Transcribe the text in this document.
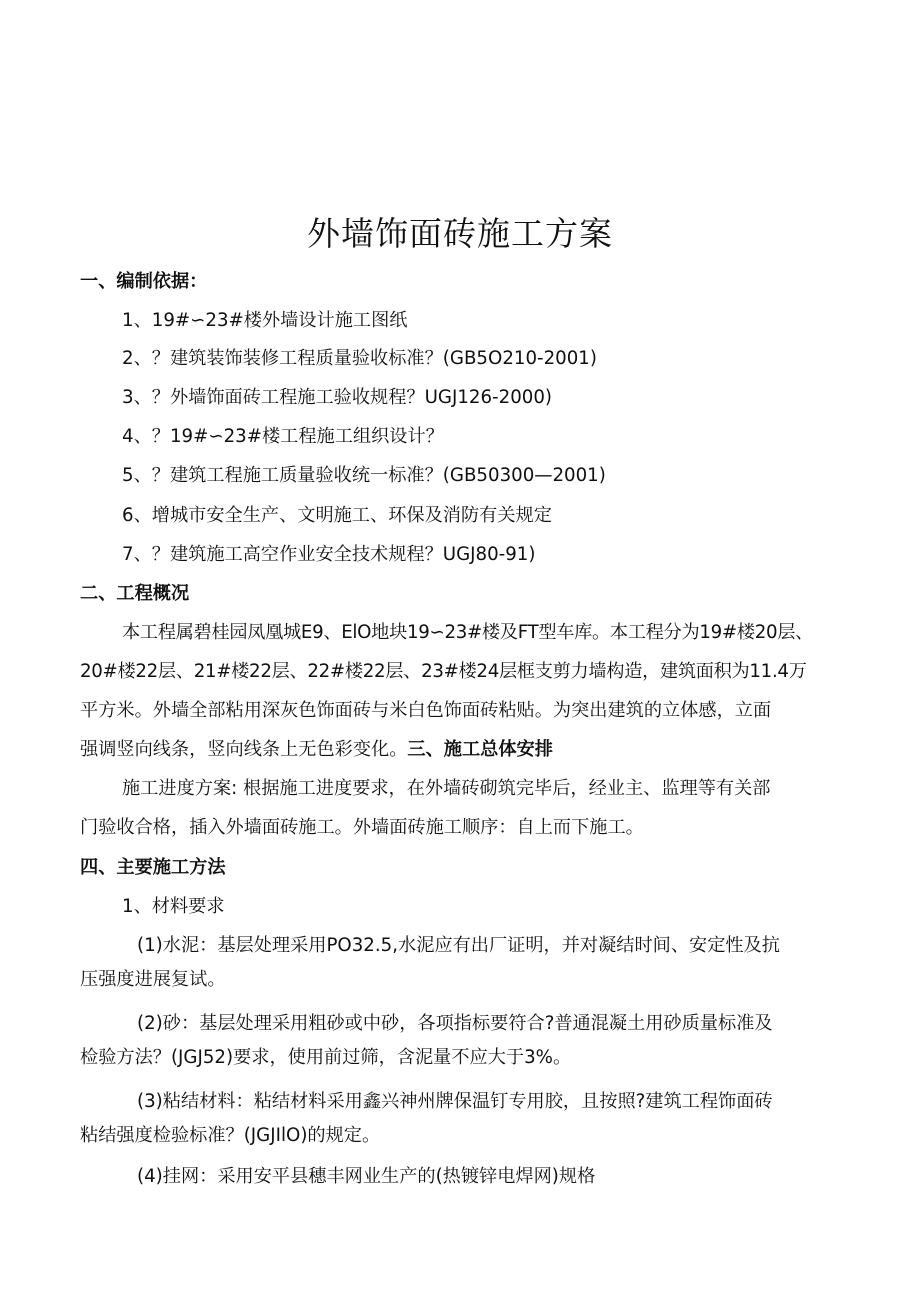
外墙饰面砖施工方案

一、编制依据：

1、19#∽23#楼外墙设计施工图纸

2、？建筑装饰装修工程质量验收标准？(GB5O210-2001)

3、？外墙饰面砖工程施工验收规程？UGJ126-2000)

4、？19#∽23#楼工程施工组织设计？

5、？建筑工程施工质量验收统一标准？(GB50300—2001)

6、增城市安全生产、文明施工、环保及消防有关规定

7、？建筑施工高空作业安全技术规程？UGJ80-91)

二、工程概况

本工程属碧桂园凤凰城E9、ElO地块19∽23#楼及FT型车库。本工程分为19#楼20层、

20#楼22层、21#楼22层、22#楼22层、23#楼24层框支剪力墙构造，建筑面积为11.4万

平方米。外墙全部粘用深灰色饰面砖与米白色饰面砖粘贴。为突出建筑的立体感，立面

强调竖向线条，竖向线条上无色彩变化。三、施工总体安排

施工进度方案: 根据施工进度要求，在外墙砖砌筑完毕后，经业主、监理等有关部

门验收合格，插入外墙面砖施工。外墙面砖施工顺序：自上而下施工。

四、主要施工方法

1、材料要求

(1)水泥：基层处理采用PO32.5,水泥应有出厂证明，并对凝结时间、安定性及抗

压强度进展复试。

(2)砂：基层处理采用粗砂或中砂，各项指标要符合?普通混凝土用砂质量标准及

检验方法？(JGJ52)要求，使用前过筛，含泥量不应大于3%。

(3)粘结材料：粘结材料采用鑫兴神州牌保温钉专用胶，且按照?建筑工程饰面砖

粘结强度检验标准？(JGJIlO)的规定。

(4)挂网：采用安平县穗丰网业生产的(热镀锌电焊网)规格
